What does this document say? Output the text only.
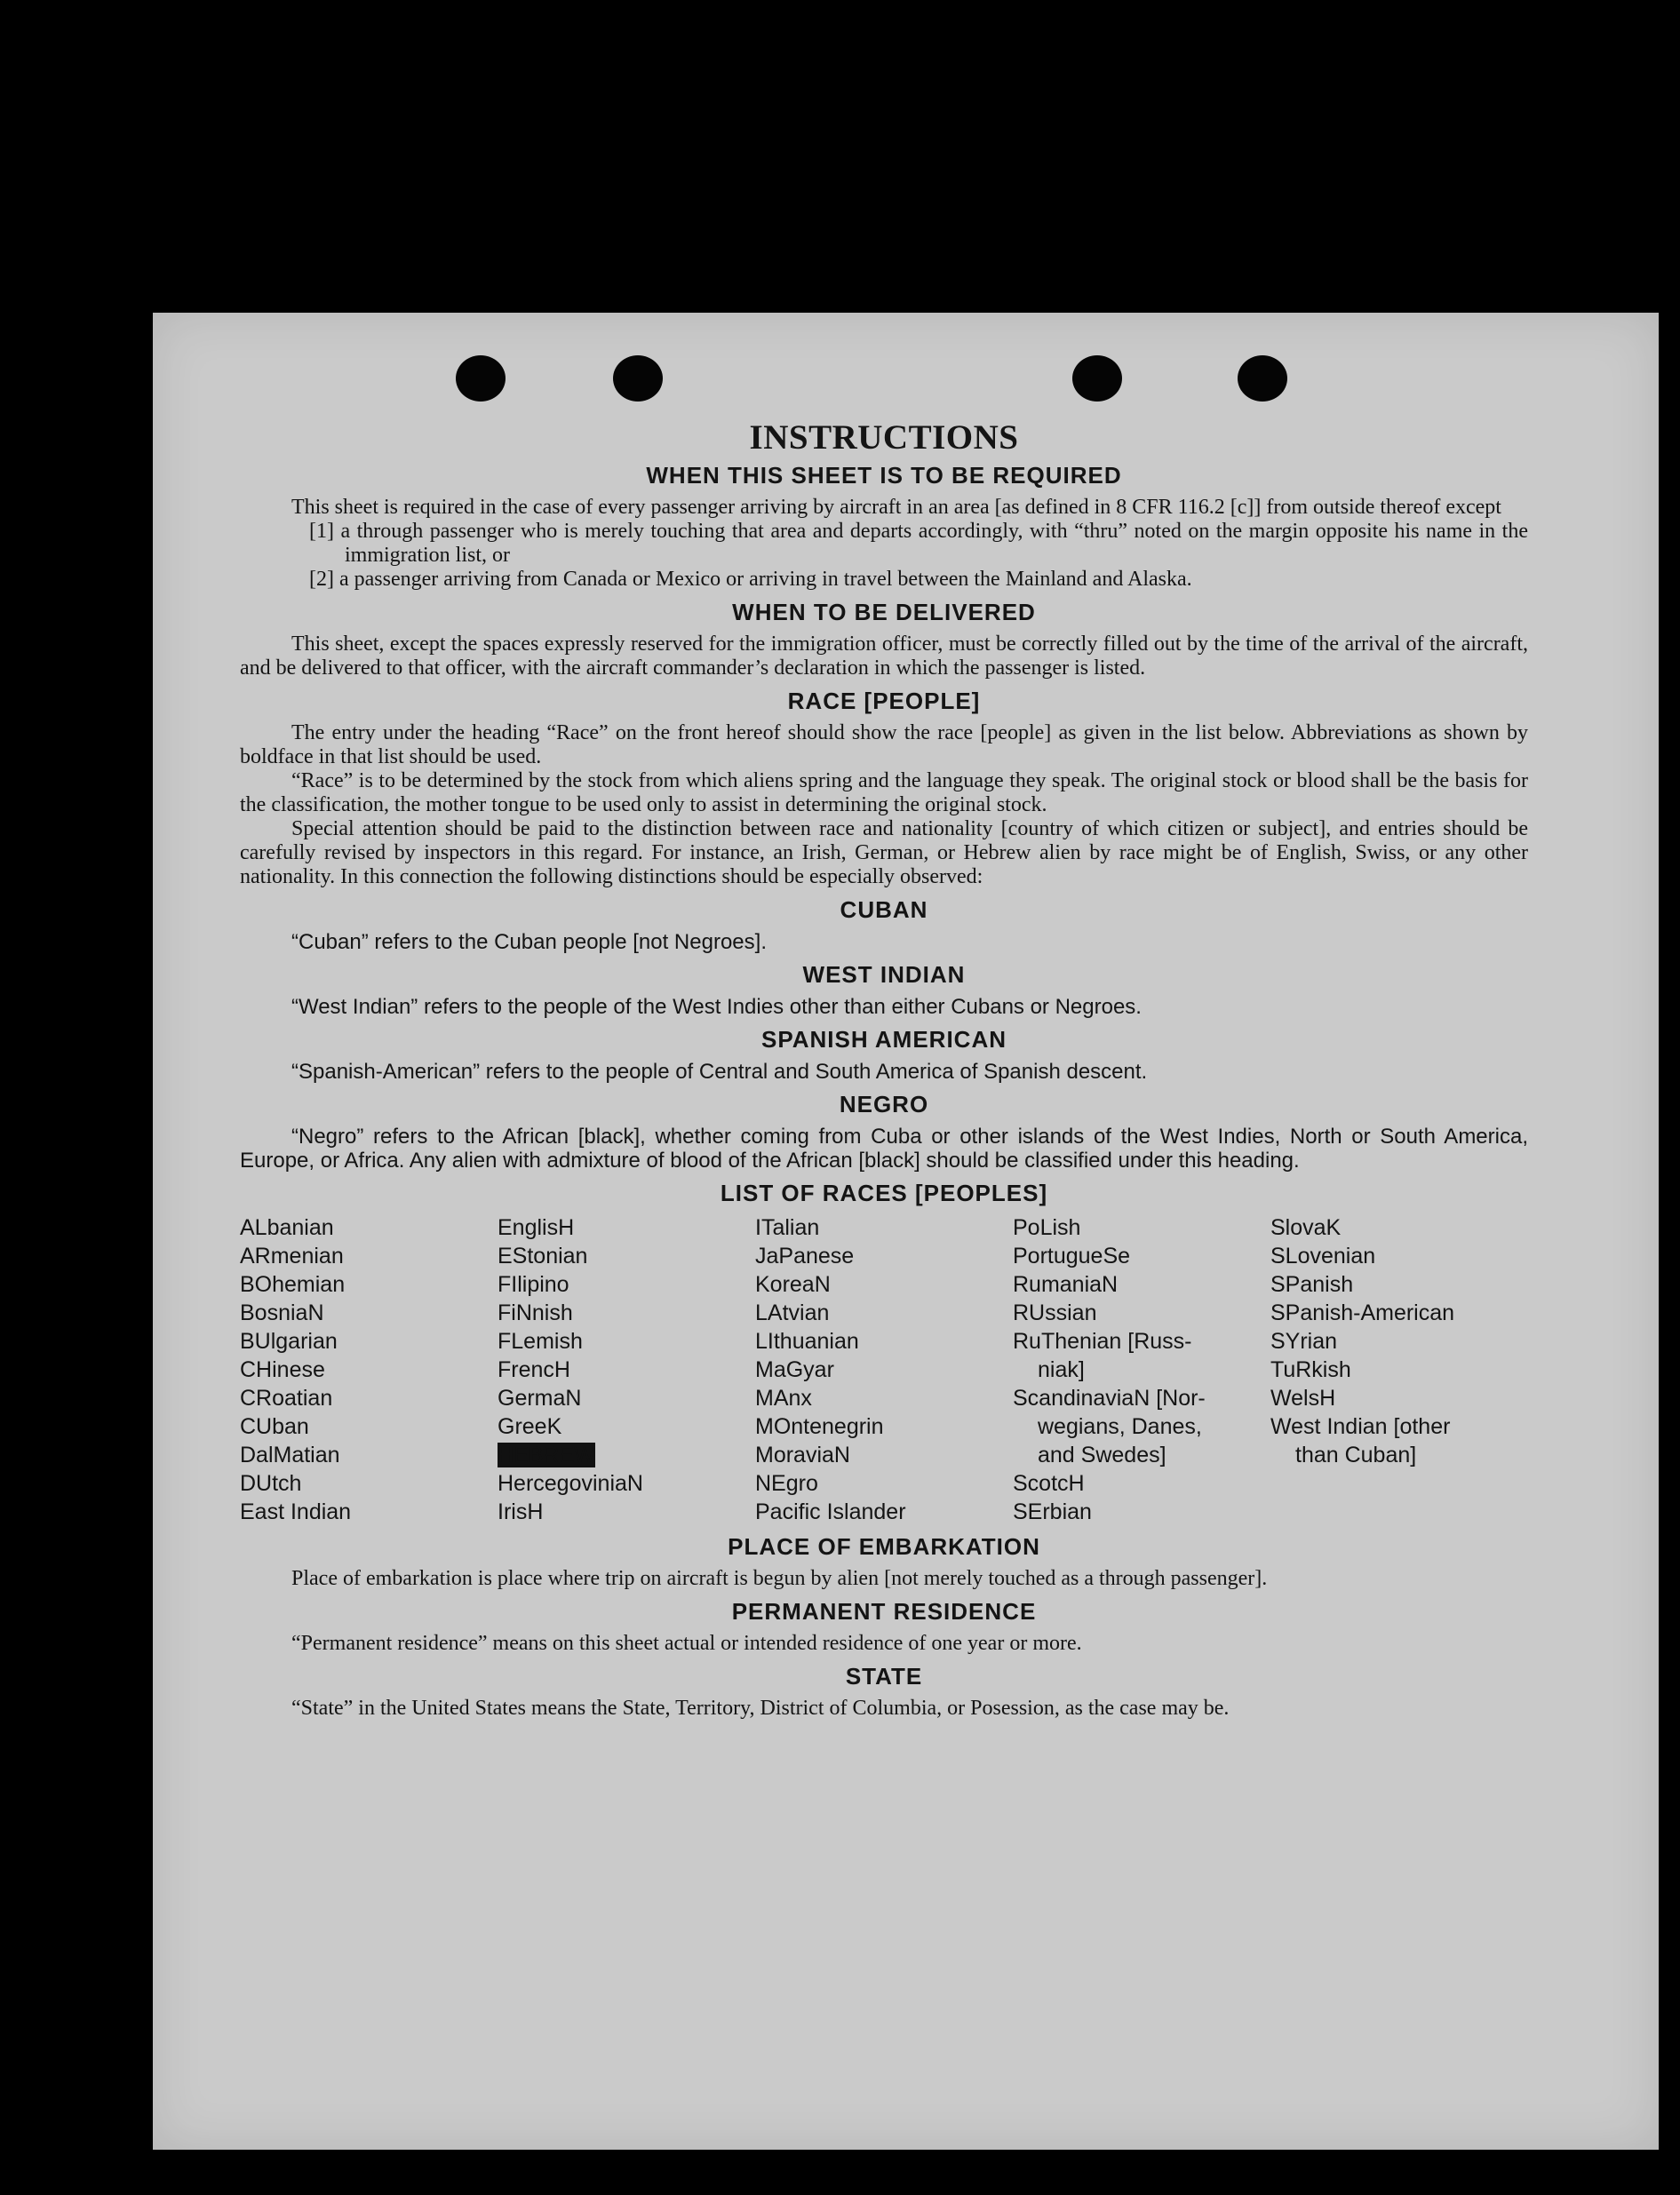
INSTRUCTIONS
WHEN THIS SHEET IS TO BE REQUIRED

This sheet is required in the case of every passenger arriving by aircraft in an area [as defined in 8 CFR 116.2 [c]] from outside thereof except

[1] a through passenger who is merely touching that area and departs accordingly, with “thru” noted on the margin opposite his name in the immigration list, or
[2] a passenger arriving from Canada or Mexico or arriving in travel between the Mainland and Alaska.
WHEN TO BE DELIVERED

This sheet, except the spaces expressly reserved for the immigration officer, must be correctly filled out by the time of the arrival of the aircraft, and be delivered to that officer, with the aircraft commander’s declaration in which the passenger is listed.

RACE [PEOPLE]

The entry under the heading “Race” on the front hereof should show the race [people] as given in the list below. Abbreviations as shown by boldface in that list should be used.

“Race” is to be determined by the stock from which aliens spring and the language they speak. The original stock or blood shall be the basis for the classification, the mother tongue to be used only to assist in determining the original stock.

Special attention should be paid to the distinction between race and nationality [country of which citizen or subject], and entries should be carefully revised by inspectors in this regard. For instance, an Irish, German, or Hebrew alien by race might be of English, Swiss, or any other nationality. In this connection the following distinctions should be especially observed:

CUBAN

“Cuban” refers to the Cuban people [not Negroes].

WEST INDIAN

“West Indian” refers to the people of the West Indies other than either Cubans or Negroes.

SPANISH AMERICAN

“Spanish-American” refers to the people of Central and South America of Spanish descent.

NEGRO

“Negro” refers to the African [black], whether coming from Cuba or other islands of the West Indies, North or South America, Europe, or Africa. Any alien with admixture of blood of the African [black] should be classified under this heading.

LIST OF RACES [PEOPLES]
ALbanian
ARmenian
BOhemian
BosniaN
BUlgarian
CHinese
CRoatian
CUban
DalMatian
DUtch
East Indian
EnglisH
EStonian
FIlipino
FiNnish
FLemish
FrencH
GermaN
GreeK
HEBREW
HercegoviniaN
IrisH
ITalian
JaPanese
KoreaN
LAtvian
LIthuanian
MaGyar
MAnx
MOntenegrin
MoraviaN
NEgro
Pacific Islander
PoLish
PortugueSe
RumaniaN
RUssian
RuThenian [Russ-
niak]
ScandinaviaN [Nor-
wegians, Danes,
and Swedes]
ScotcH
SErbian
SlovaK
SLovenian
SPanish
SPanish-American
SYrian
TuRkish
WelsH
West Indian [other
than Cuban]
PLACE OF EMBARKATION

Place of embarkation is place where trip on aircraft is begun by alien [not merely touched as a through passenger].

PERMANENT RESIDENCE

“Permanent residence” means on this sheet actual or intended residence of one year or more.

STATE

“State” in the United States means the State, Territory, District of Columbia, or Posession, as the case may be.
